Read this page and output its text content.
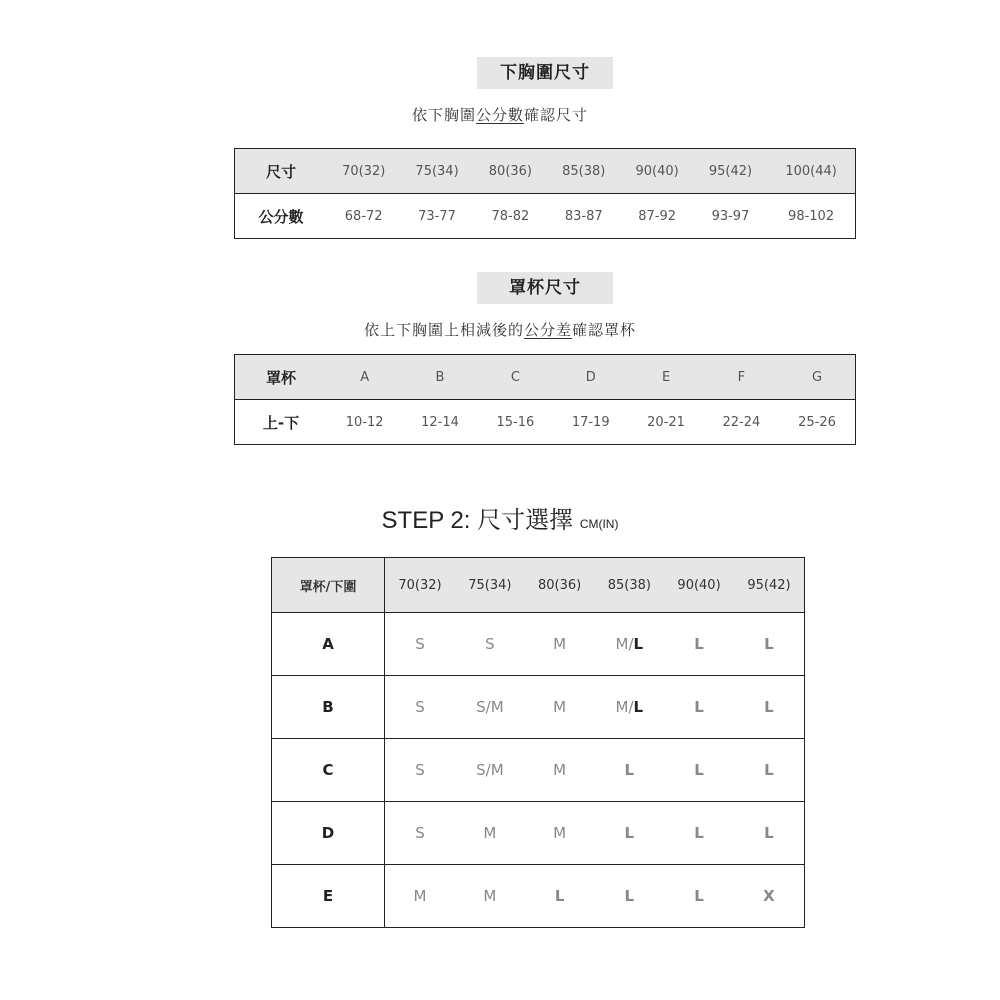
下胸圍尺寸
依下胸圍公分數確認尺寸
尺寸	70(32)	75(34)	80(36)	85(38)	90(40)	95(42)	100(44)
公分數	68-72	73-77	78-82	83-87	87-92	93-97	98-102
罩杯尺寸
依上下胸圍上相減後的公分差確認罩杯
罩杯	A	B	C	D	E	F	G
上-下	10-12	12-14	15-16	17-19	20-21	22-24	25-26
STEP 2: 尺寸選擇 CM(IN)
罩杯/下圍	70(32)	75(34)	80(36)	85(38)	90(40)	95(42)
A	S	S	M	M/L	L	L
B	S	S/M	M	M/L	L	L
C	S	S/M	M	L	L	L
D	S	M	M	L	L	L
E	M	M	L	L	L	X
